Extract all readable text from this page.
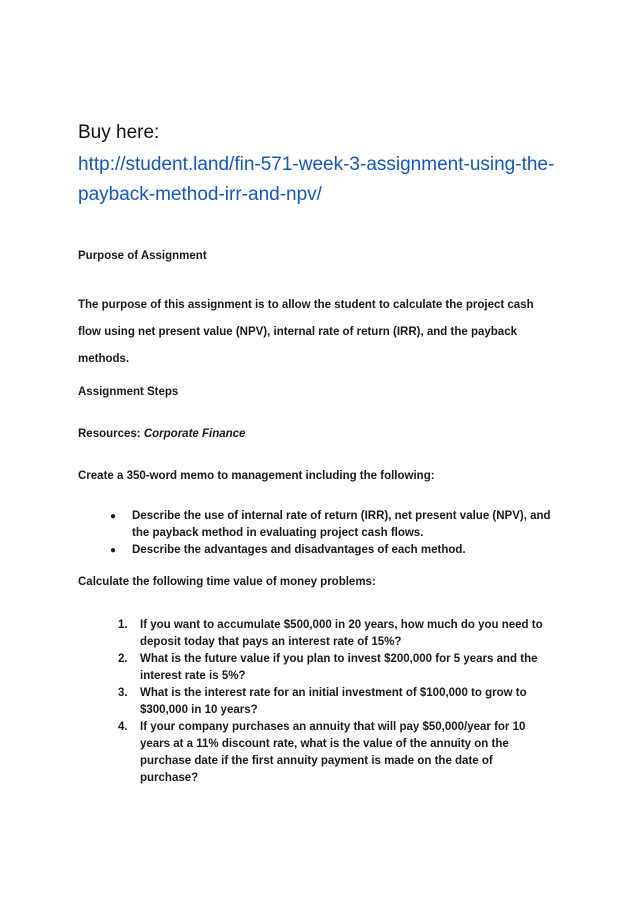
Buy here:
http://student.land/fin-571-week-3-assignment-using-the-
payback-method-irr-and-npv/
Purpose of Assignment
The purpose of this assignment is to allow the student to calculate the project cash
flow using net present value (NPV), internal rate of return (IRR), and the payback
methods.
Assignment Steps
Resources: Corporate Finance
Create a 350-word memo to management including the following:
● Describe the use of internal rate of return (IRR), net present value (NPV), and
the payback method in evaluating project cash flows.
● Describe the advantages and disadvantages of each method.
Calculate the following time value of money problems:
1. If you want to accumulate $500,000 in 20 years, how much do you need to
deposit today that pays an interest rate of 15%?
2. What is the future value if you plan to invest $200,000 for 5 years and the
interest rate is 5%?
3. What is the interest rate for an initial investment of $100,000 to grow to
$300,000 in 10 years?
4. If your company purchases an annuity that will pay $50,000/year for 10
years at a 11% discount rate, what is the value of the annuity on the
purchase date if the first annuity payment is made on the date of
purchase?
